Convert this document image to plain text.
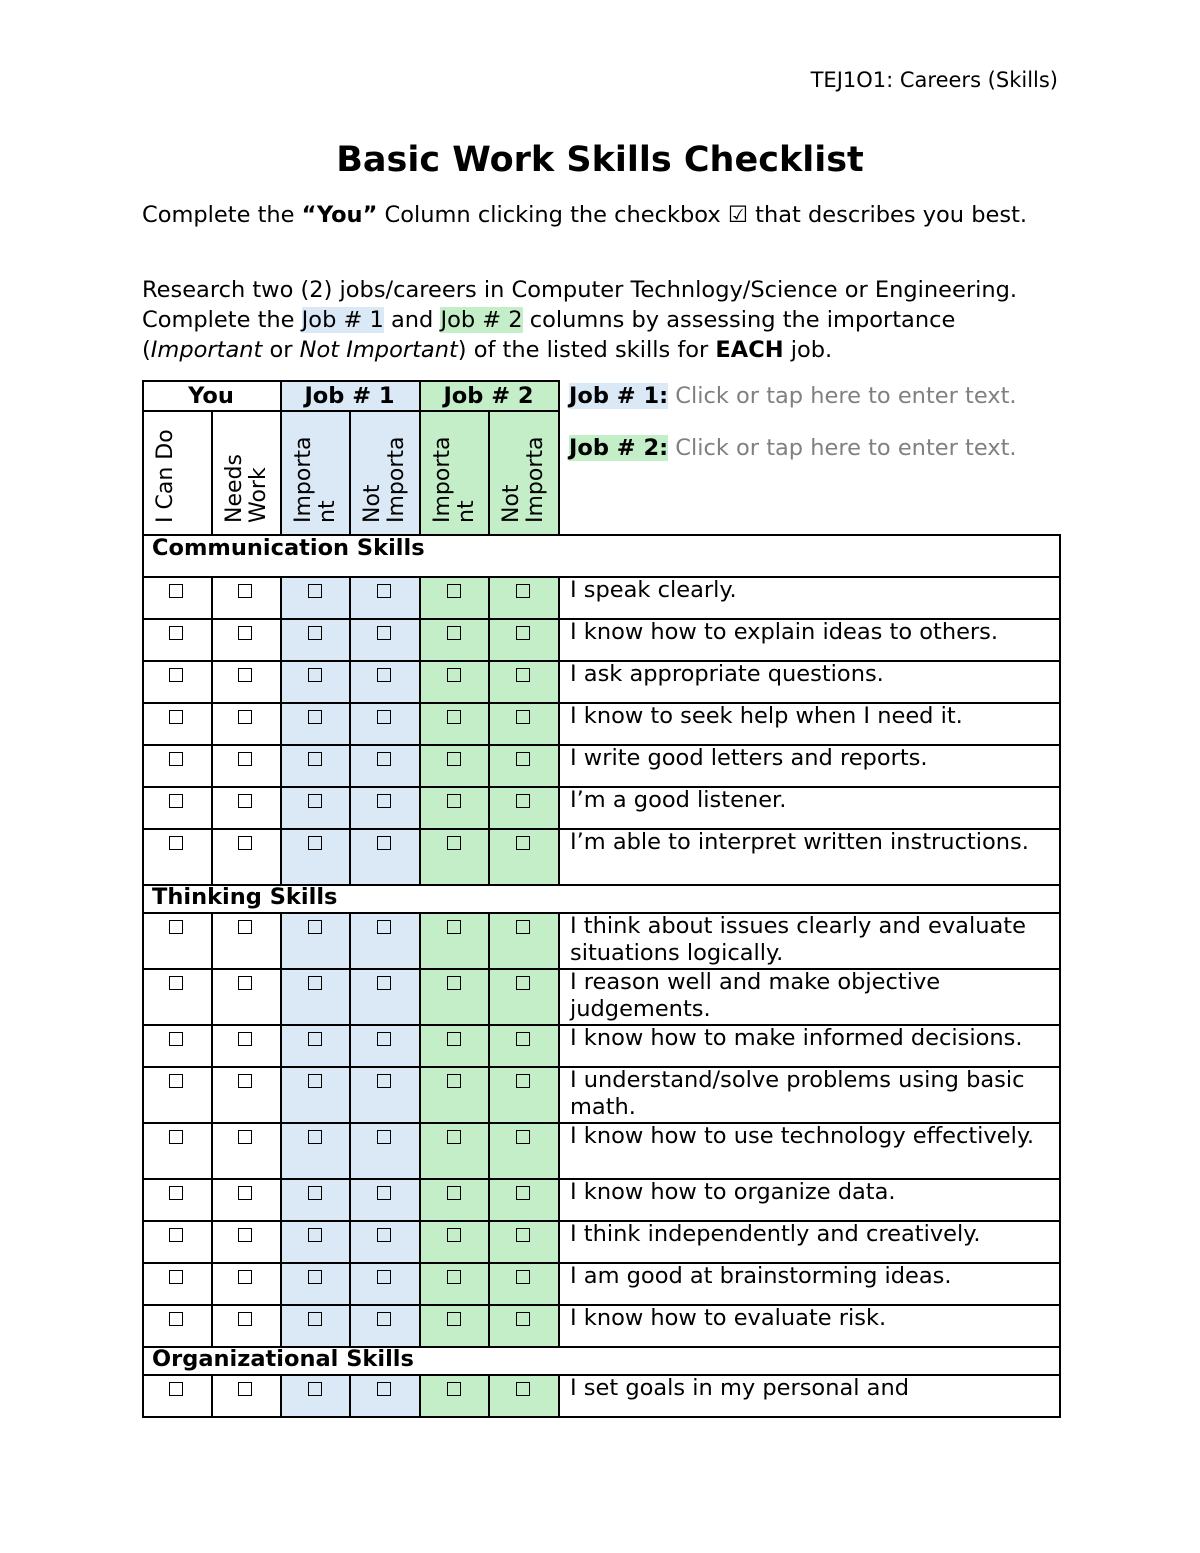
TEJ1O1: Careers (Skills)
Basic Work Skills Checklist
Complete the “You” Column clicking the checkbox ☑ that describes you best.
Research two (2) jobs/careers in Computer Technlogy/Science or Engineering. Complete the Job # 1 and Job # 2 columns by assessing the importance (Important or Not Important) of the listed skills for EACH job.
You	Job # 1	Job # 2
I Can Do Needs Work Importa nt Not Importa Importa nt Not Importa
Job # 1: Click or tap here to enter text.
Job # 2: Click or tap here to enter text.
Communication Skills
I speak clearly.
I know how to explain ideas to others.
I ask appropriate questions.
I know to seek help when I need it.
I write good letters and reports.
I’m a good listener.
I’m able to interpret written instructions.
Thinking Skills
I think about issues clearly and evaluate situations logically.
I reason well and make objective judgements.
I know how to make informed decisions.
I understand/solve problems using basic math.
I know how to use technology effectively.
I know how to organize data.
I think independently and creatively.
I am good at brainstorming ideas.
I know how to evaluate risk.
Organizational Skills
I set goals in my personal and
